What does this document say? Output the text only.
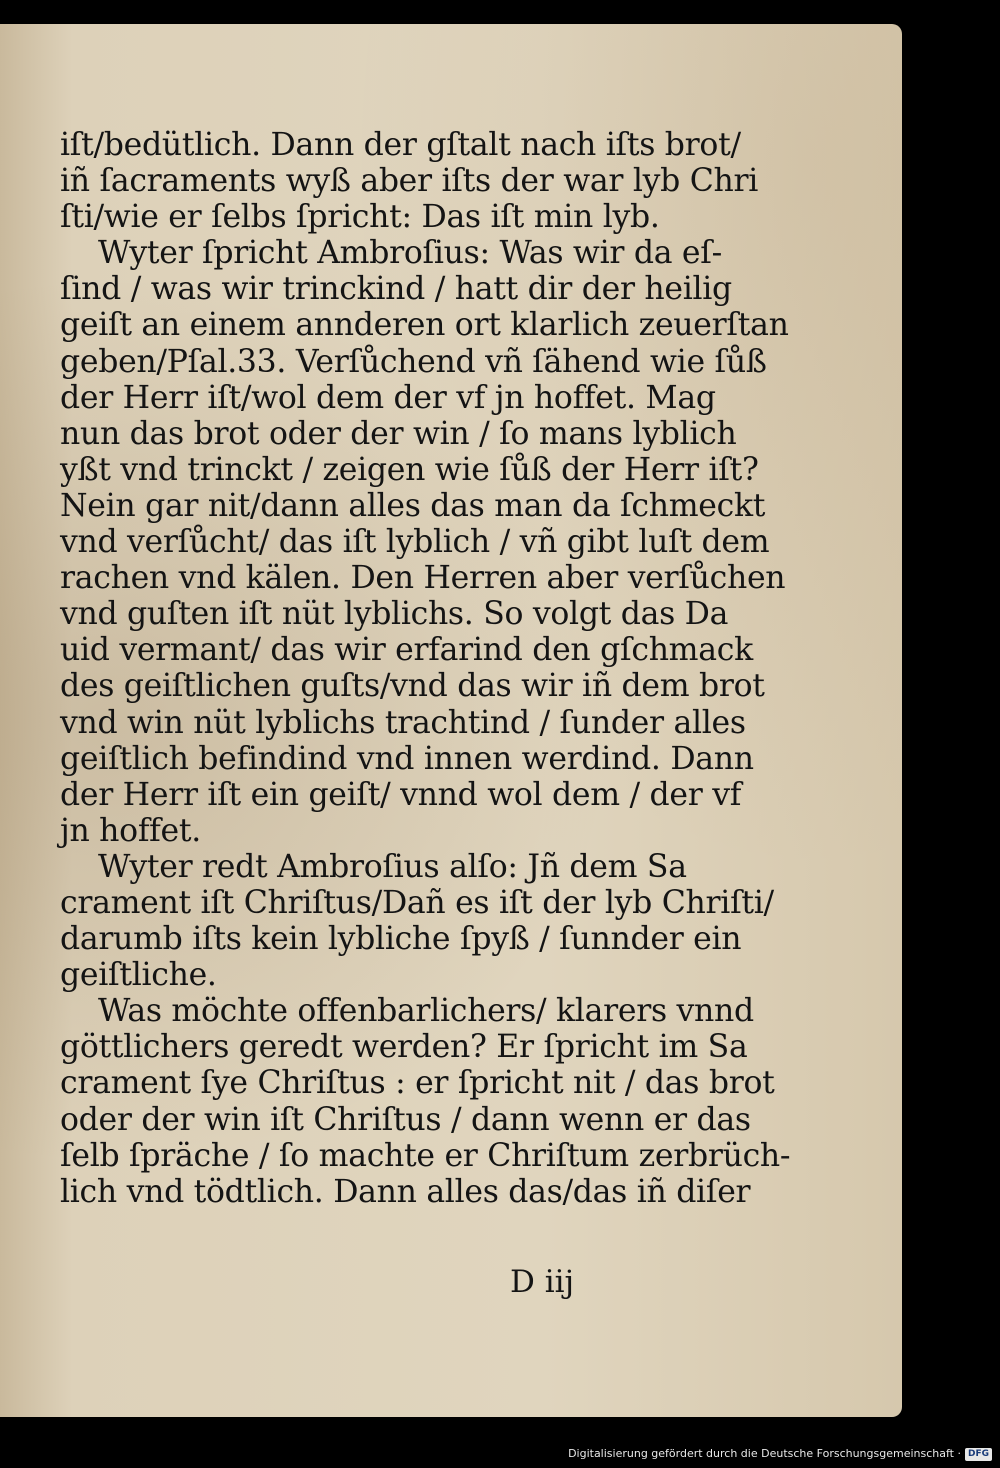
iſt/bedütlich. Dann der gſtalt nach iſts brot/
iñ ſacraments wyß aber iſts der war lyb Chri
ſti/wie er ſelbs ſpricht: Das iſt min lyb.
Wyter ſpricht Ambroſius: Was wir da eſ-
ſind / was wir trinckind / hatt dir der heilig
geiſt an einem annderen ort klarlich zeuerſtan
geben/Pſal.33. Verſůchend vñ ſähend wie ſůß
der Herr iſt/wol dem der vf jn hoffet. Mag
nun das brot oder der win / ſo mans lyblich
yßt vnd trinckt / zeigen wie ſůß der Herr iſt?
Nein gar nit/dann alles das man da ſchmeckt
vnd verſůcht/ das iſt lyblich / vñ gibt luſt dem
rachen vnd kälen. Den Herren aber verſůchen
vnd guſten iſt nüt lyblichs. So volgt das Da
uid vermant/ das wir erfarind den gſchmack
des geiſtlichen guſts/vnd das wir iñ dem brot
vnd win nüt lyblichs trachtind / ſunder alles
geiſtlich befindind vnd innen werdind. Dann
der Herr iſt ein geiſt/ vnnd wol dem / der vf
jn hoffet.
Wyter redt Ambroſius alſo: Jñ dem Sa
crament iſt Chriſtus/Dañ es iſt der lyb Chriſti/
darumb iſts kein lybliche ſpyß / ſunnder ein
geiſtliche.
Was möchte offenbarlichers/ klarers vnnd
göttlichers geredt werden? Er ſpricht im Sa
crament ſye Chriſtus : er ſpricht nit / das brot
oder der win iſt Chriſtus / dann wenn er das
ſelb ſpräche / ſo machte er Chriſtum zerbrüch-
lich vnd tödtlich. Dann alles das/das iñ diſer
D iij
Digitalisierung gefördert durch die Deutsche Forschungsgemeinschaft · DFG
